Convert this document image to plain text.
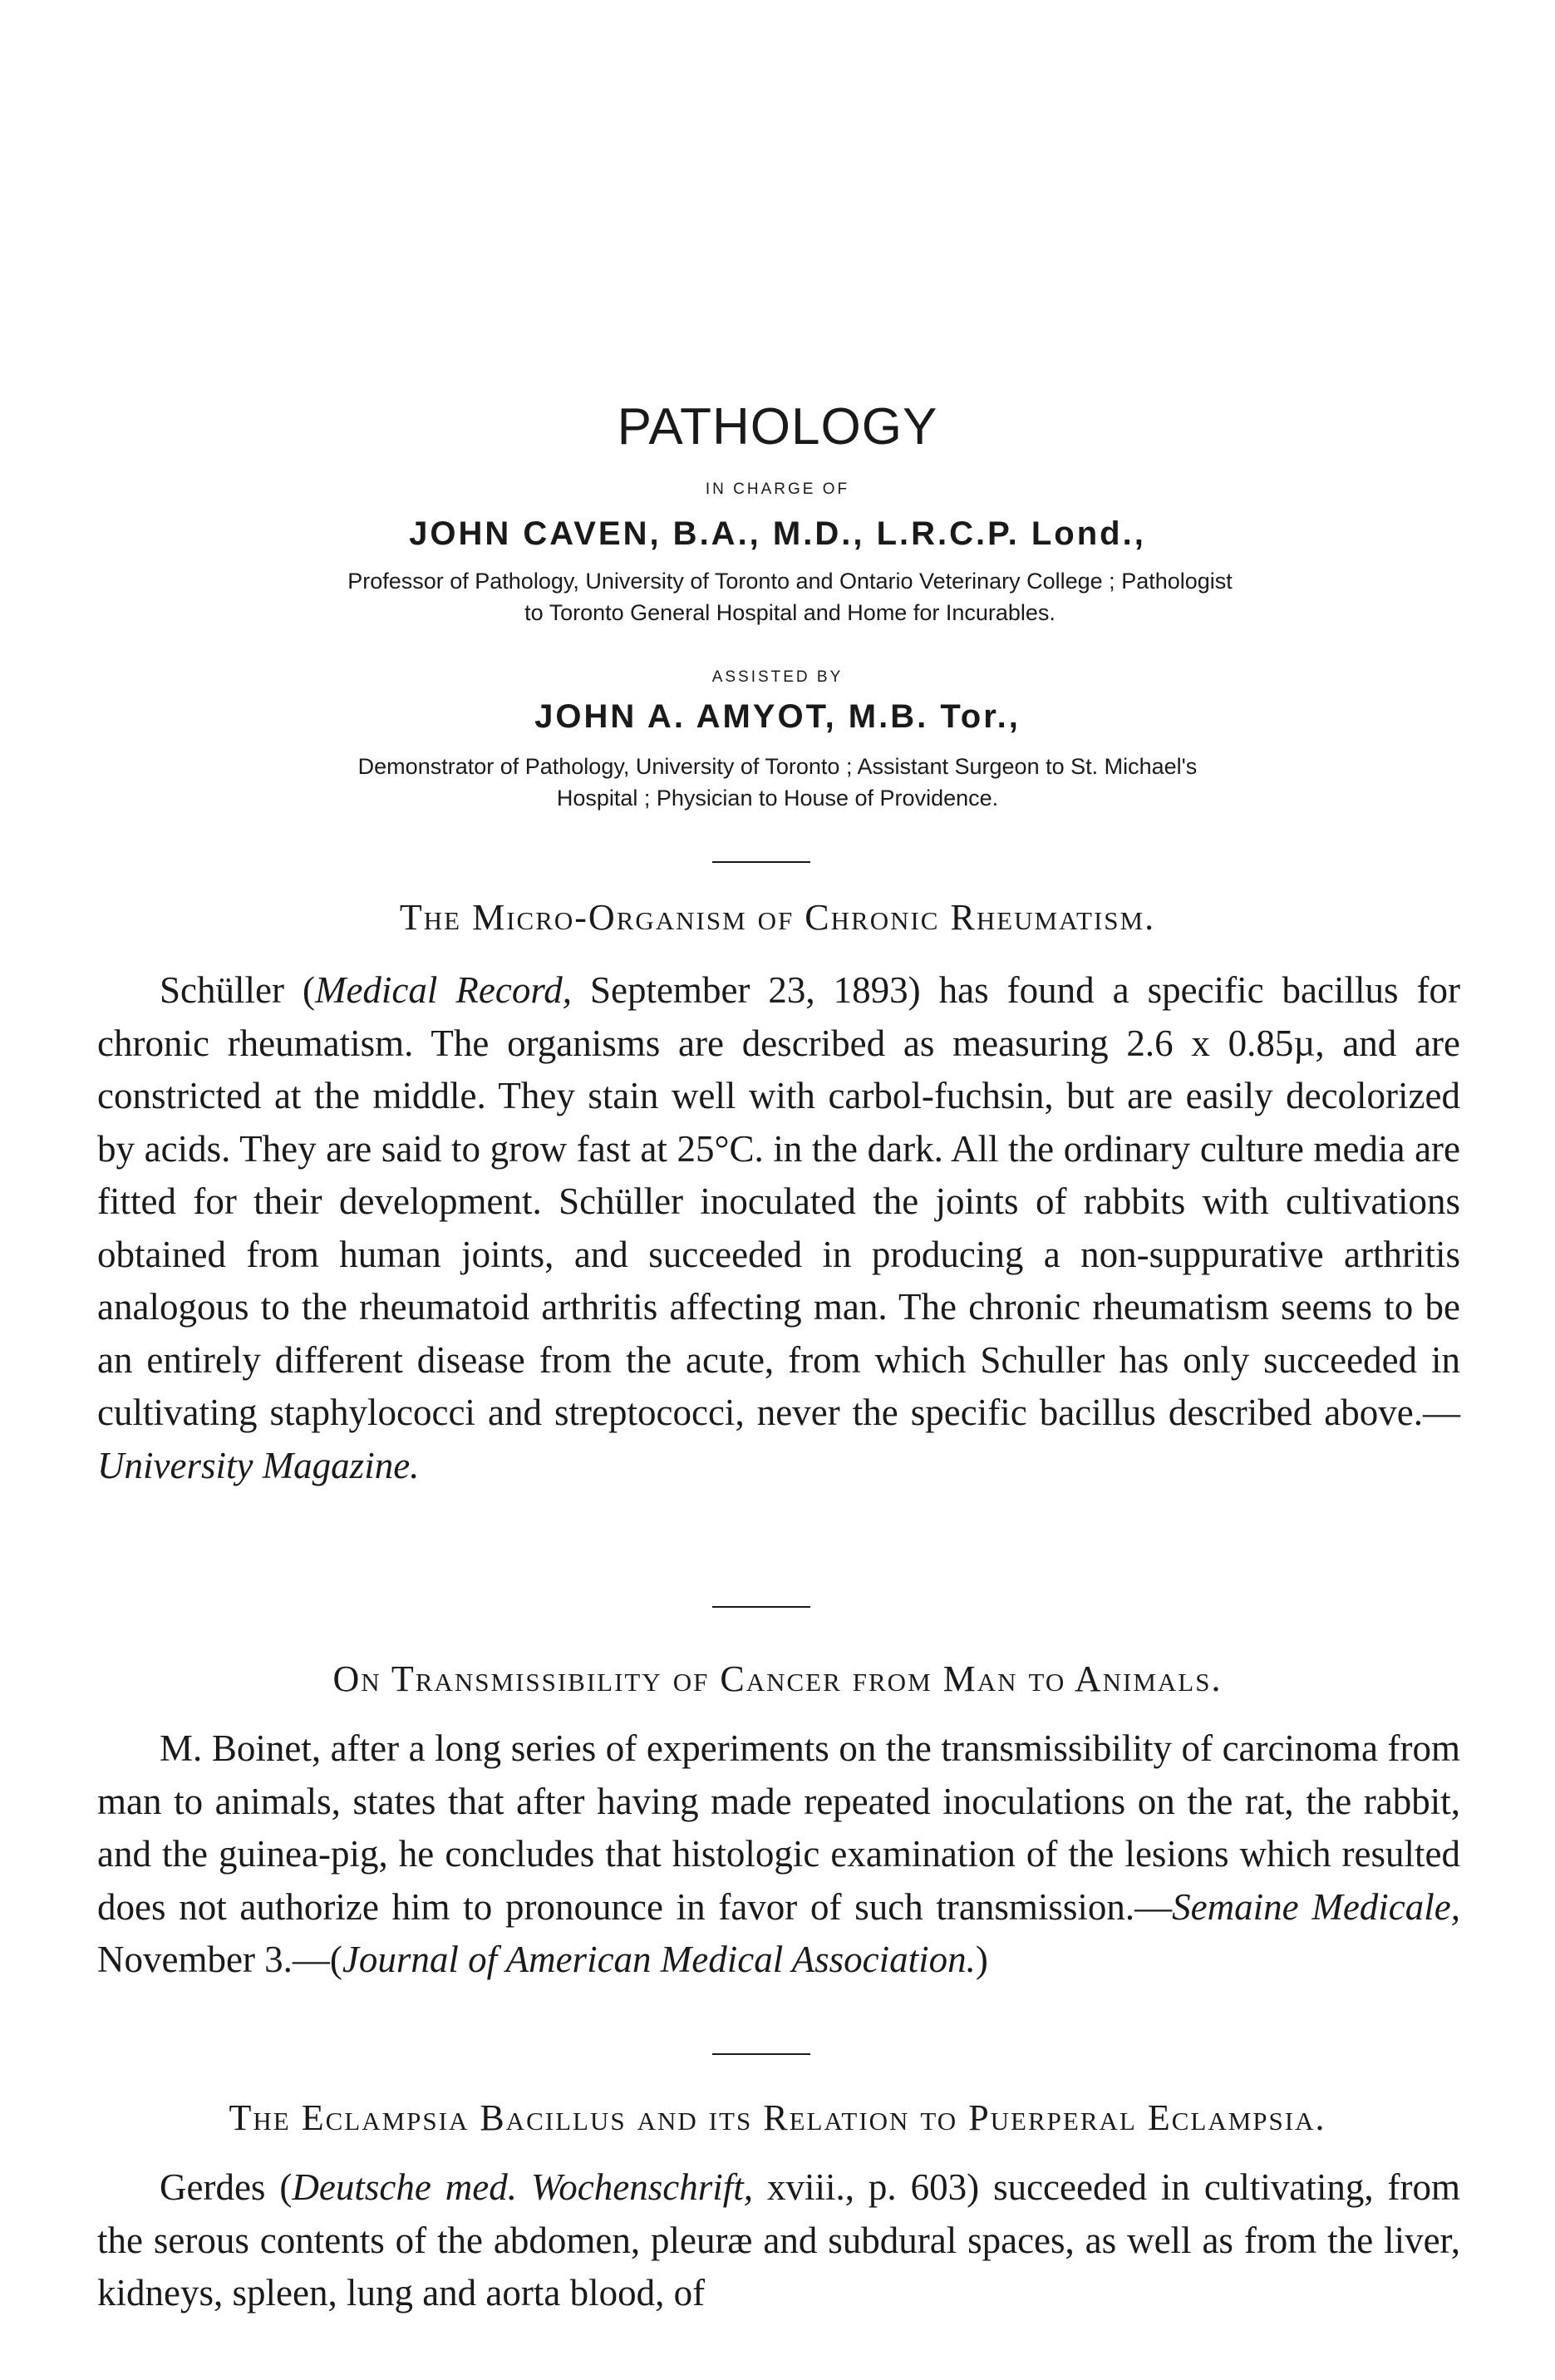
PATHOLOGY
IN CHARGE OF
JOHN CAVEN, B.A., M.D., L.R.C.P. Lond.,
Professor of Pathology, University of Toronto and Ontario Veterinary College ; Pathologist
to Toronto General Hospital and Home for Incurables.
ASSISTED BY
JOHN A. AMYOT, M.B. Tor.,
Demonstrator of Pathology, University of Toronto ; Assistant Surgeon to St. Michael's
Hospital ; Physician to House of Providence.
The Micro-Organism of Chronic Rheumatism.

Schüller (Medical Record, September 23, 1893) has found a specific bacillus for chronic rheumatism. The organisms are described as measuring 2.6 x 0.85µ, and are constricted at the middle. They stain well with carbol-fuchsin, but are easily decolorized by acids. They are said to grow fast at 25°C. in the dark. All the ordinary culture media are fitted for their development. Schüller inoculated the joints of rabbits with cultivations obtained from human joints, and succeeded in producing a non-suppurative arthritis analogous to the rheumatoid arthritis affecting man. The chronic rheumatism seems to be an entirely different disease from the acute, from which Schuller has only succeeded in cultivating staphylococci and streptococci, never the specific bacillus described above.—University Magazine.

On Transmissibility of Cancer from Man to Animals.

M. Boinet, after a long series of experiments on the transmissibility of carcinoma from man to animals, states that after having made repeated inoculations on the rat, the rabbit, and the guinea-pig, he concludes that histologic examination of the lesions which resulted does not authorize him to pronounce in favor of such transmission.—Semaine Medicale, November 3.—(Journal of American Medical Association.)

The Eclampsia Bacillus and its Relation to Puerperal Eclampsia.

Gerdes (Deutsche med. Wochenschrift, xviii., p. 603) succeeded in cultivating, from the serous contents of the abdomen, pleuræ and subdural spaces, as well as from the liver, kidneys, spleen, lung and aorta blood, of
